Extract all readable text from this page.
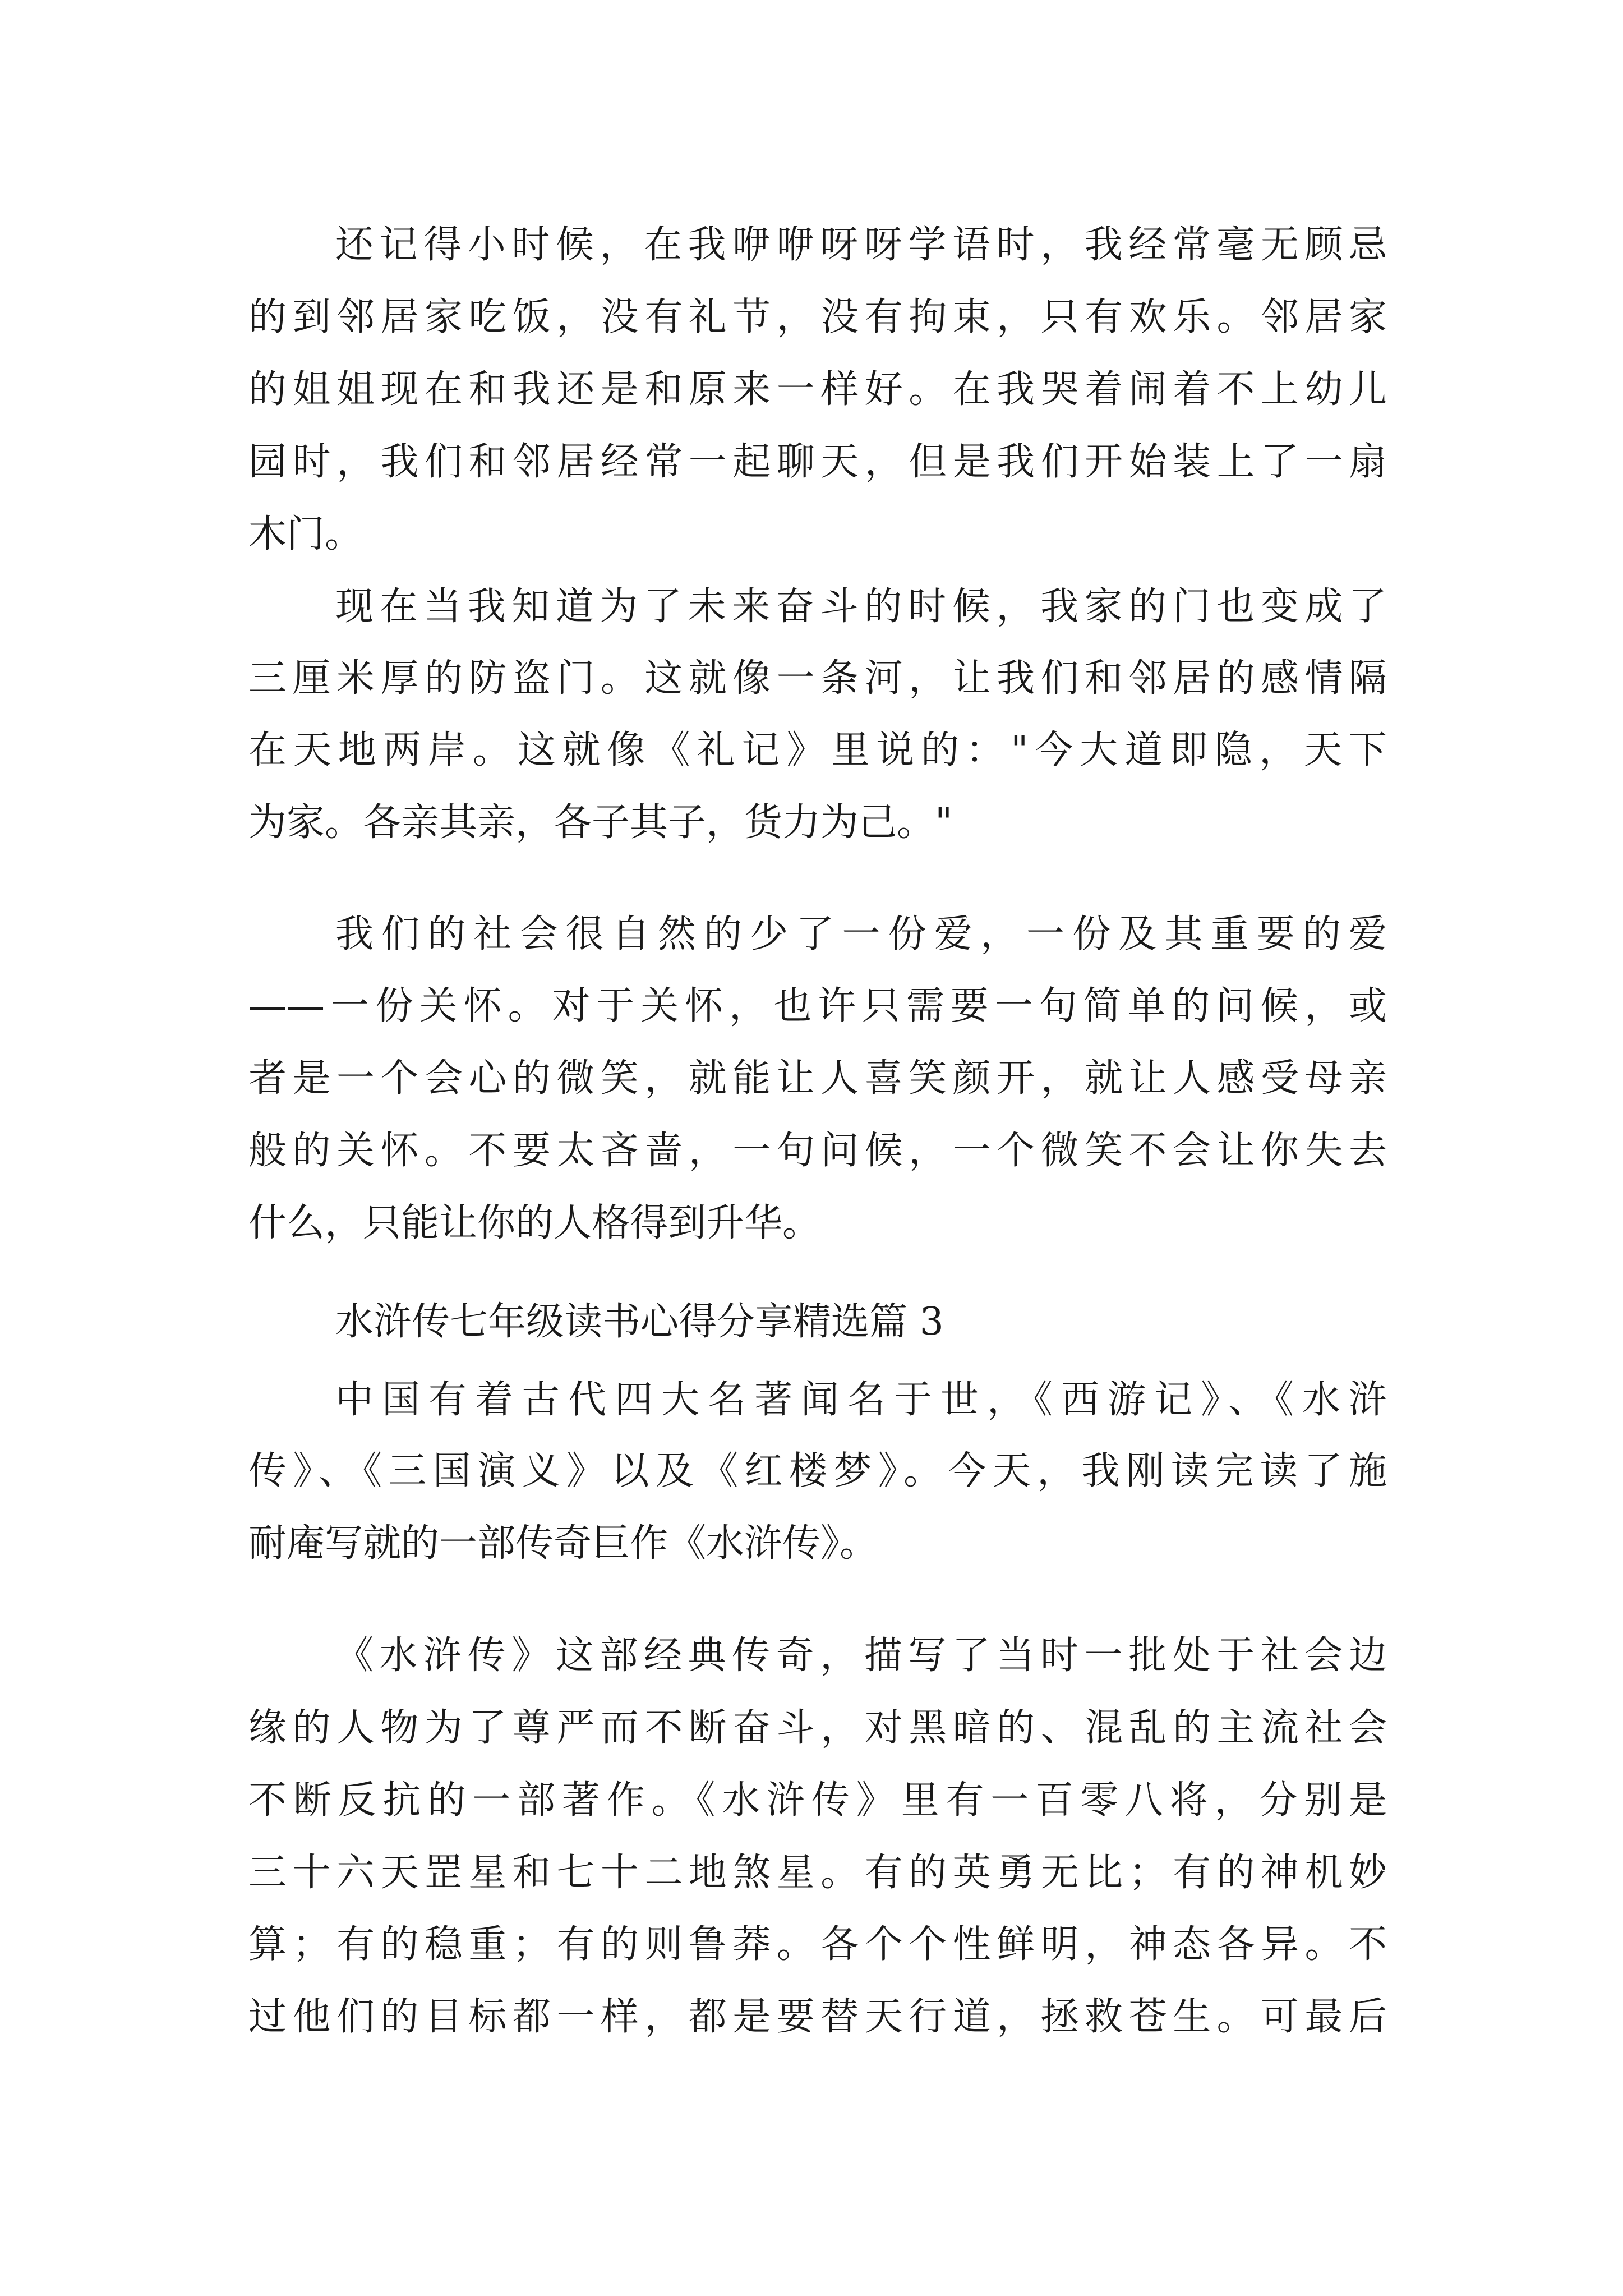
还记得小时候，在我咿咿呀呀学语时，我经常毫无顾忌

的到邻居家吃饭，没有礼节，没有拘束，只有欢乐。邻居家

的姐姐现在和我还是和原来一样好。在我哭着闹着不上幼儿

园时，我们和邻居经常一起聊天，但是我们开始装上了一扇

木门。

现在当我知道为了未来奋斗的时候，我家的门也变成了

三厘米厚的防盗门。这就像一条河，让我们和邻居的感情隔

在天地两岸。这就像《礼记》里说的："今大道即隐，天下

为家。各亲其亲，各子其子，货力为己。"

我们的社会很自然的少了一份爱，一份及其重要的爱

——一份关怀。对于关怀，也许只需要一句简单的问候，或

者是一个会心的微笑，就能让人喜笑颜开，就让人感受母亲

般的关怀。不要太吝啬，一句问候，一个微笑不会让你失去

什么，只能让你的人格得到升华。

水浒传七年级读书心得分享精选篇 3

中国有着古代四大名著闻名于世，《西游记》、《水浒

传》、《三国演义》以及《红楼梦》。今天，我刚读完读了施

耐庵写就的一部传奇巨作《水浒传》。

《水浒传》这部经典传奇，描写了当时一批处于社会边

缘的人物为了尊严而不断奋斗，对黑暗的、混乱的主流社会

不断反抗的一部著作。《水浒传》里有一百零八将，分别是

三十六天罡星和七十二地煞星。有的英勇无比；有的神机妙

算；有的稳重；有的则鲁莽。各个个性鲜明，神态各异。不

过他们的目标都一样，都是要替天行道，拯救苍生。可最后
